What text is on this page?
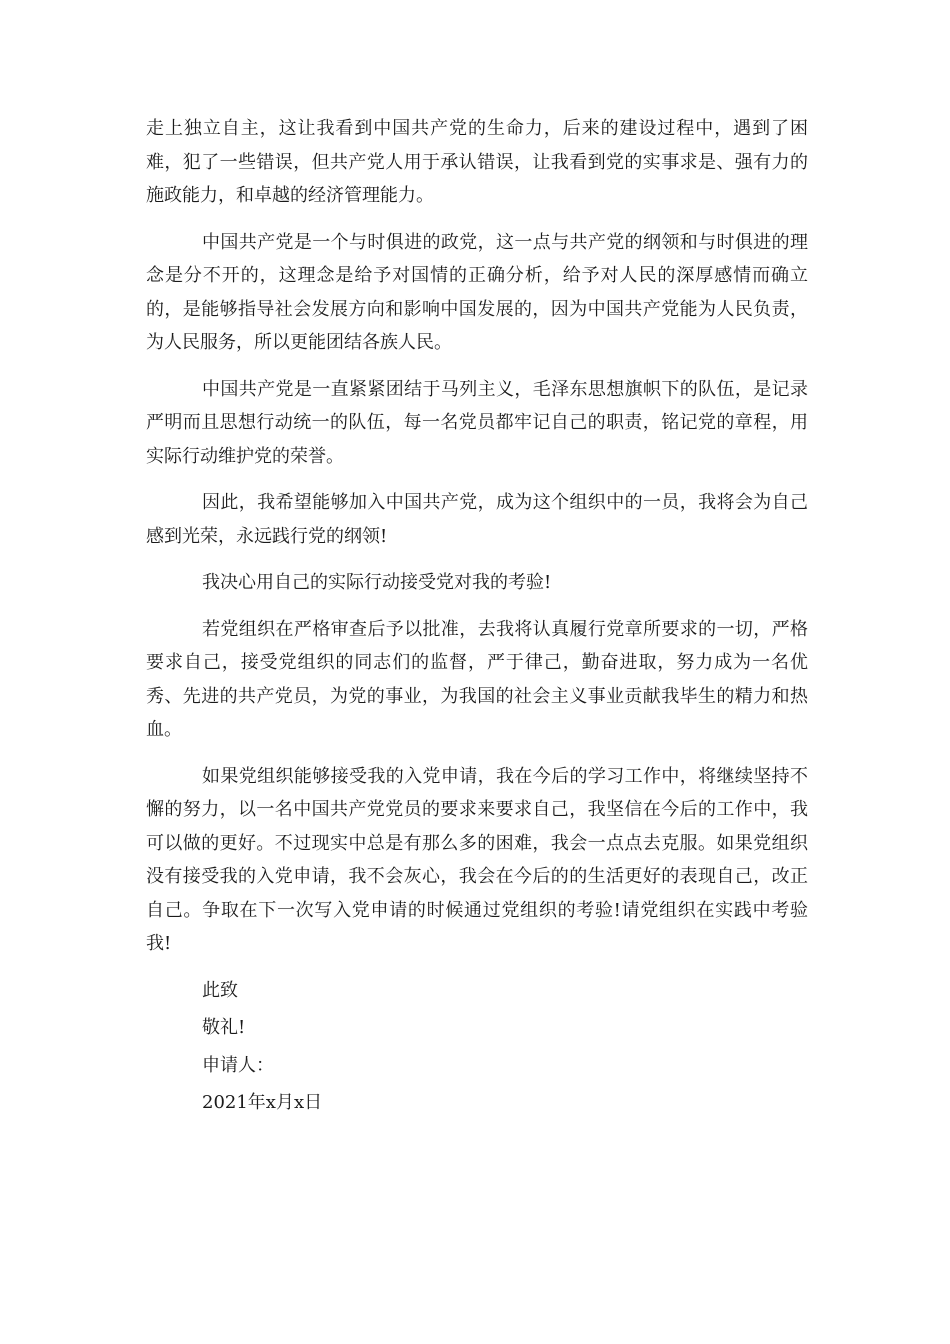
走上独立自主，这让我看到中国共产党的生命力，后来的建设过程中，遇到了困难，犯了一些错误，但共产党人用于承认错误，让我看到党的实事求是、强有力的施政能力，和卓越的经济管理能力。

中国共产党是一个与时俱进的政党，这一点与共产党的纲领和与时俱进的理念是分不开的，这理念是给予对国情的正确分析，给予对人民的深厚感情而确立的，是能够指导社会发展方向和影响中国发展的，因为中国共产党能为人民负责，为人民服务，所以更能团结各族人民。

中国共产党是一直紧紧团结于马列主义，毛泽东思想旗帜下的队伍，是记录严明而且思想行动统一的队伍，每一名党员都牢记自己的职责，铭记党的章程，用实际行动维护党的荣誉。

因此，我希望能够加入中国共产党，成为这个组织中的一员，我将会为自己感到光荣，永远践行党的纲领!

我决心用自己的实际行动接受党对我的考验!

若党组织在严格审查后予以批准，去我将认真履行党章所要求的一切，严格要求自己，接受党组织的同志们的监督，严于律己，勤奋进取，努力成为一名优秀、先进的共产党员，为党的事业，为我国的社会主义事业贡献我毕生的精力和热血。

如果党组织能够接受我的入党申请，我在今后的学习工作中，将继续坚持不懈的努力，以一名中国共产党党员的要求来要求自己，我坚信在今后的工作中，我可以做的更好。不过现实中总是有那么多的困难，我会一点点去克服。如果党组织没有接受我的入党申请，我不会灰心，我会在今后的的生活更好的表现自己，改正自己。争取在下一次写入党申请的时候通过党组织的考验!请党组织在实践中考验我!

此致

敬礼!

申请人：

2021年x月x日
